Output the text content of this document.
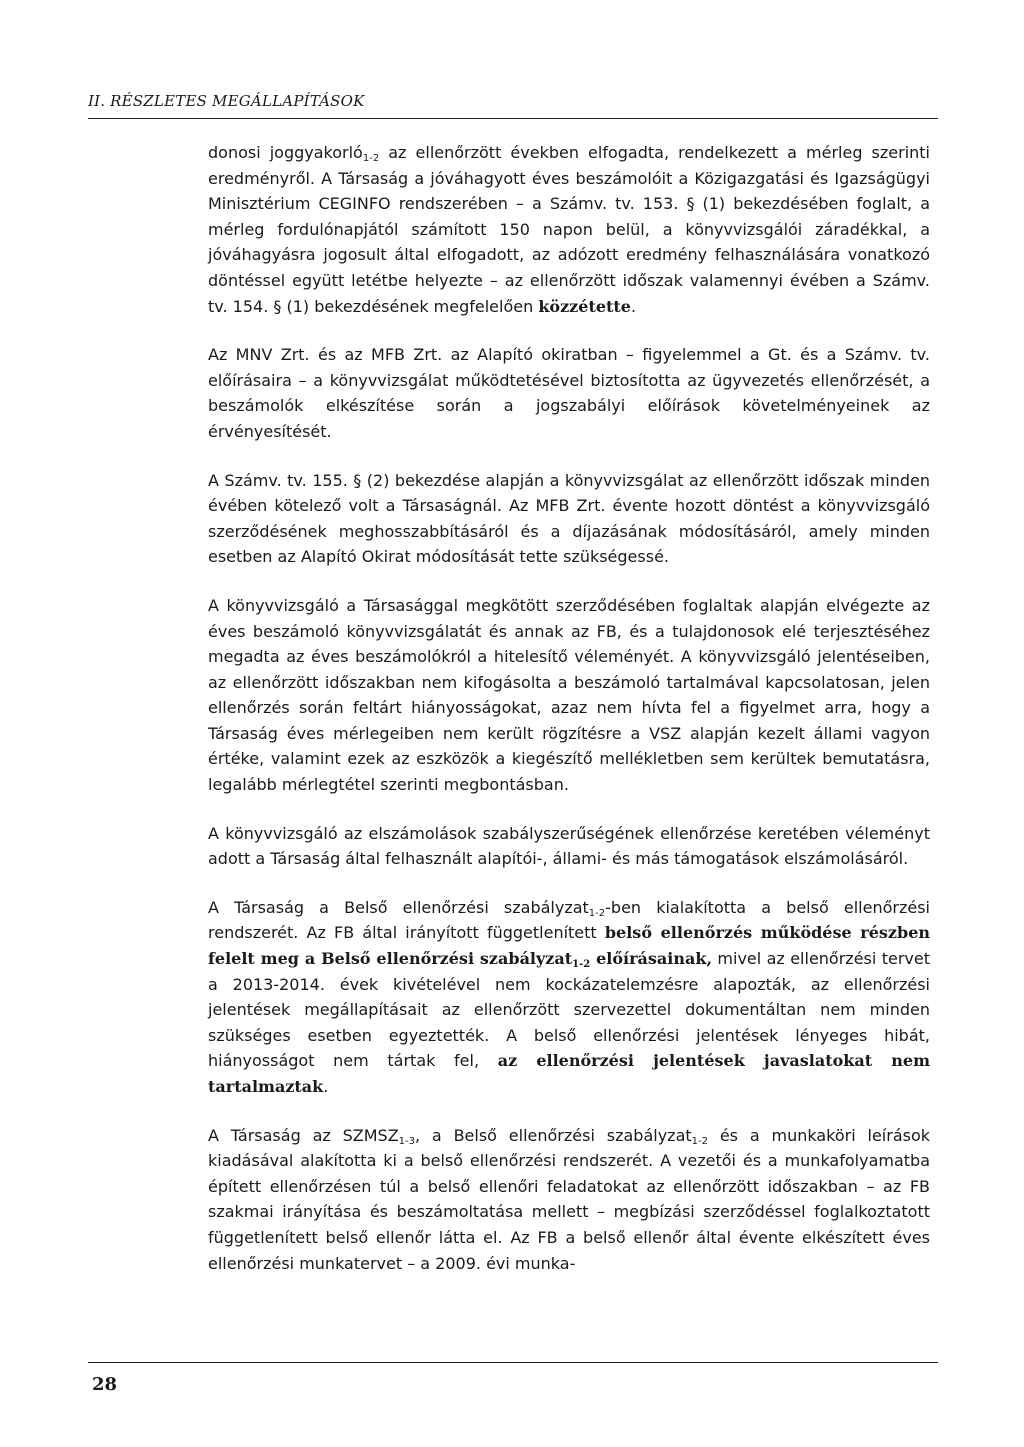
II. RÉSZLETES MEGÁLLAPÍTÁSOK

donosi joggyakorló$_{1-2}$ az ellenőrzött években elfogadta, rendelkezett a mérleg szerinti eredményről. A Társaság a jóváhagyott éves beszámolóit a Közigazgatási és Igazságügyi Minisztérium CEGINFO rendszerében – a Számv. tv. 153. § (1) bekezdésében foglalt, a mérleg fordulónapjától számított 150 napon belül, a könyvvizsgálói záradékkal, a jóváhagyásra jogosult által elfogadott, az adózott eredmény felhasználására vonatkozó döntéssel együtt letétbe helyezte – az ellenőrzött időszak valamennyi évében a Számv. tv. 154. § (1) bekezdésének megfelelően közzétette.

Az MNV Zrt. és az MFB Zrt. az Alapító okiratban – figyelemmel a Gt. és a Számv. tv. előírásaira – a könyvvizsgálat működtetésével biztosította az ügyvezetés ellenőrzését, a beszámolók elkészítése során a jogszabályi előírások követelményeinek az érvényesítését.

A Számv. tv. 155. § (2) bekezdése alapján a könyvvizsgálat az ellenőrzött időszak minden évében kötelező volt a Társaságnál. Az MFB Zrt. évente hozott döntést a könyvvizsgáló szerződésének meghosszabbításáról és a díjazásának módosításáról, amely minden esetben az Alapító Okirat módosítását tette szükségessé.

A könyvvizsgáló a Társasággal megkötött szerződésében foglaltak alapján elvégezte az éves beszámoló könyvvizsgálatát és annak az FB, és a tulajdonosok elé terjesztéséhez megadta az éves beszámolókról a hitelesítő véleményét. A könyvvizsgáló jelentéseiben, az ellenőrzött időszakban nem kifogásolta a beszámoló tartalmával kapcsolatosan, jelen ellenőrzés során feltárt hiányosságokat, azaz nem hívta fel a figyelmet arra, hogy a Társaság éves mérlegeiben nem került rögzítésre a VSZ alapján kezelt állami vagyon értéke, valamint ezek az eszközök a kiegészítő mellékletben sem kerültek bemutatásra, legalább mérlegtétel szerinti megbontásban.

A könyvvizsgáló az elszámolások szabályszerűségének ellenőrzése keretében véleményt adott a Társaság által felhasznált alapítói-, állami- és más támogatások elszámolásáról.

A Társaság a Belső ellenőrzési szabályzat$_{1-2}$-ben kialakította a belső ellenőrzési rendszerét. Az FB által irányított függetlenített belső ellenőrzés működése részben felelt meg a Belső ellenőrzési szabályzat$_{1-2}$ előírásainak, mivel az ellenőrzési tervet a 2013-2014. évek kivételével nem kockázatelemzésre alapozták, az ellenőrzési jelentések megállapításait az ellenőrzött szervezettel dokumentáltan nem minden szükséges esetben egyeztették. A belső ellenőrzési jelentések lényeges hibát, hiányosságot nem tártak fel, az ellenőrzési jelentések javaslatokat nem tartalmaztak.

A Társaság az $SZMSZ_{1-3}$, a Belső ellenőrzési szabályzat$_{1-2}$ és a munkaköri leírások kiadásával alakította ki a belső ellenőrzési rendszerét. A vezetői és a munkafolyamatba épített ellenőrzésen túl a belső ellenőri feladatokat az ellenőrzött időszakban – az FB szakmai irányítása és beszámoltatása mellett – megbízási szerződéssel foglalkoztatott függetlenített belső ellenőr látta el. Az FB a belső ellenőr által évente elkészített éves ellenőrzési munkatervet – a 2009. évi munka-

28
